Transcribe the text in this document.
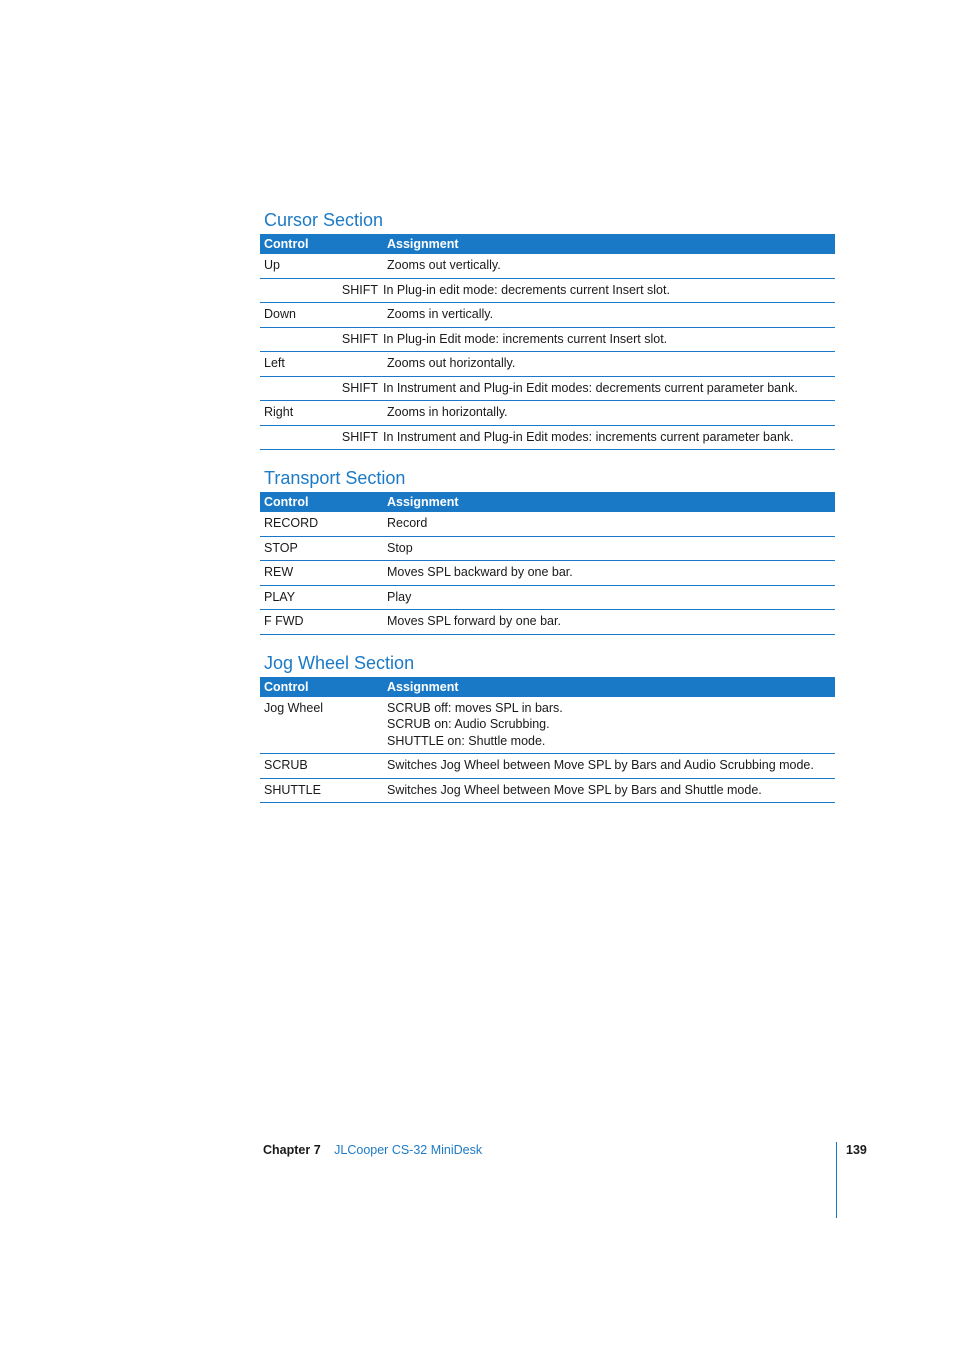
Cursor Section
Control	Assignment
Up	Zooms out vertically.
SHIFT In Plug-in edit mode: decrements current Insert slot.
Down	Zooms in vertically.
SHIFT In Plug-in Edit mode: increments current Insert slot.
Left	Zooms out horizontally.
SHIFT In Instrument and Plug-in Edit modes: decrements current parameter bank.
Right	Zooms in horizontally.
SHIFT In Instrument and Plug-in Edit modes: increments current parameter bank.
Transport Section
Control	Assignment
RECORD	Record
STOP	Stop
REW	Moves SPL backward by one bar.
PLAY	Play
F FWD	Moves SPL forward by one bar.
Jog Wheel Section
Control	Assignment
Jog Wheel	SCRUB off: moves SPL in bars.
SCRUB on: Audio Scrubbing.
SHUTTLE on: Shuttle mode.
SCRUB	Switches Jog Wheel between Move SPL by Bars and Audio Scrubbing mode.
SHUTTLE	Switches Jog Wheel between Move SPL by Bars and Shuttle mode.
Chapter 7 JLCooper CS-32 MiniDesk	139
